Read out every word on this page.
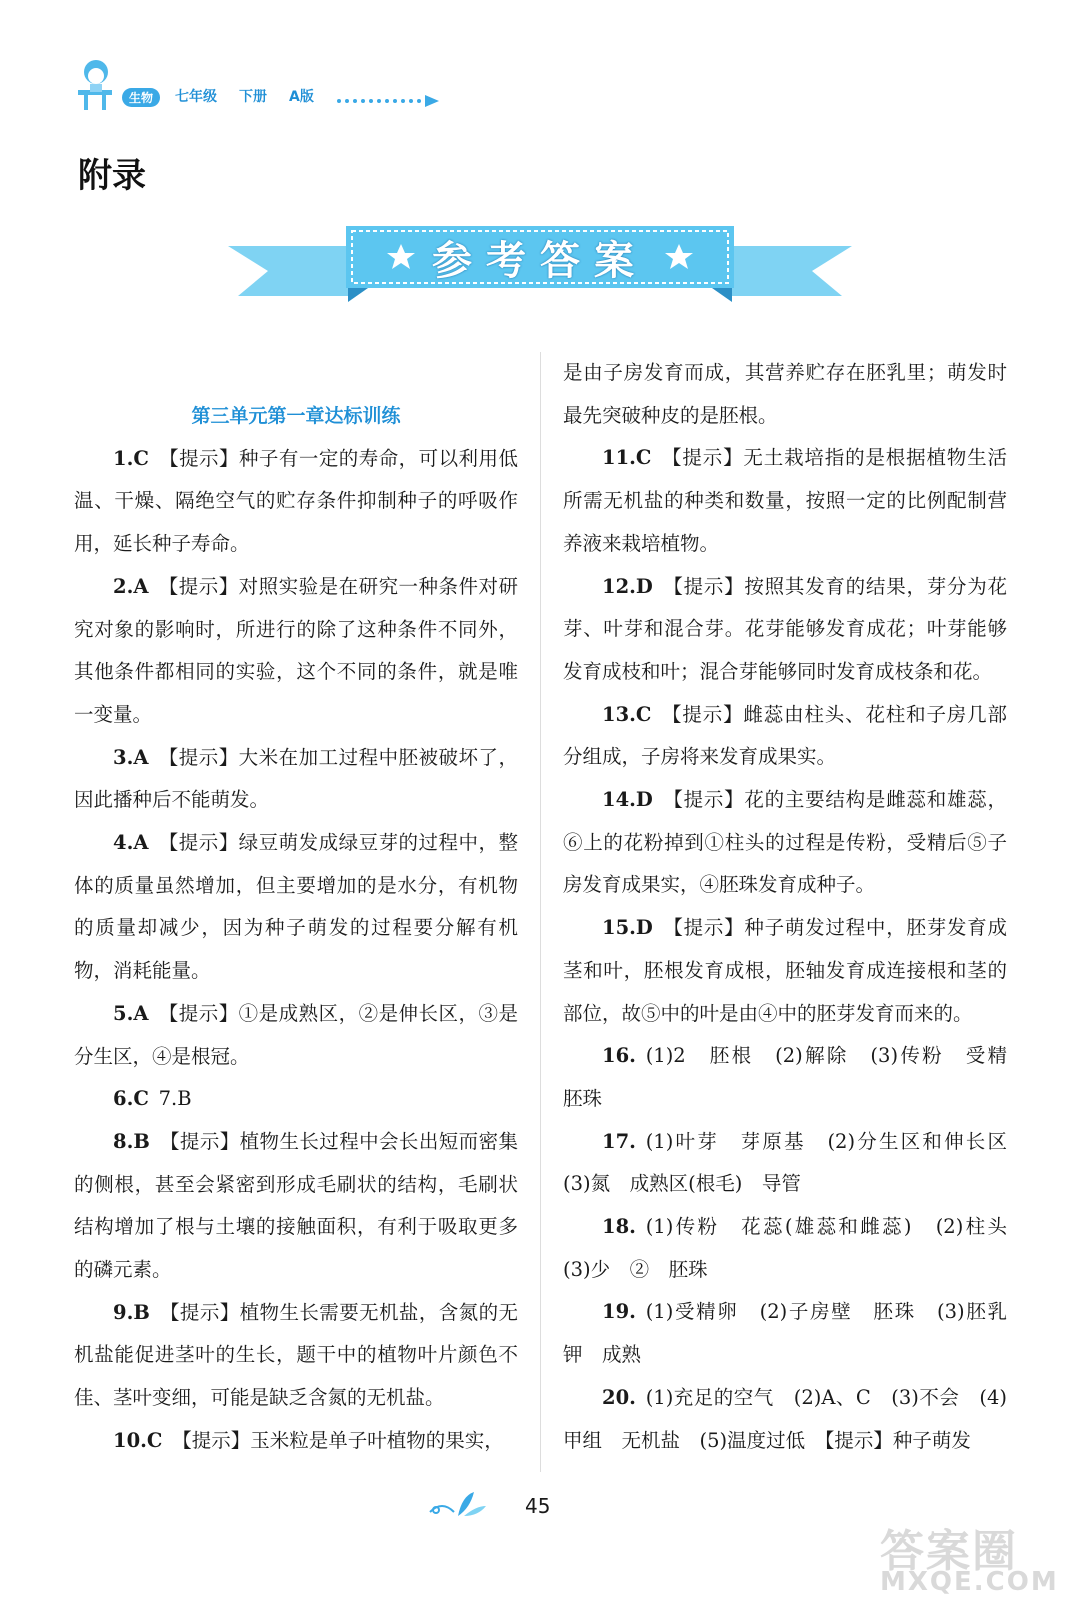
生物	七年级 下册 A版
附录
参考答案

第三单元第一章达标训练

1.C  【提示】种子有一定的寿命，可以利用低温、干燥、隔绝空气的贮存条件抑制种子的呼吸作用，延长种子寿命。

2.A  【提示】对照实验是在研究一种条件对研究对象的影响时，所进行的除了这种条件不同外，其他条件都相同的实验，这个不同的条件，就是唯一变量。

3.A  【提示】大米在加工过程中胚被破坏了，因此播种后不能萌发。

4.A  【提示】绿豆萌发成绿豆芽的过程中，整体的质量虽然增加，但主要增加的是水分，有机物的质量却减少，因为种子萌发的过程要分解有机物，消耗能量。

5.A  【提示】①是成熟区，②是伸长区，③是分生区，④是根冠。

6.C  7.B

8.B  【提示】植物生长过程中会长出短而密集的侧根，甚至会紧密到形成毛刷状的结构，毛刷状结构增加了根与土壤的接触面积，有利于吸取更多的磷元素。

9.B  【提示】植物生长需要无机盐，含氮的无机盐能促进茎叶的生长，题干中的植物叶片颜色不佳、茎叶变细，可能是缺乏含氮的无机盐。

10.C  【提示】玉米粒是单子叶植物的果实，

是由子房发育而成，其营养贮存在胚乳里；萌发时最先突破种皮的是胚根。

11.C  【提示】无土栽培指的是根据植物生活所需无机盐的种类和数量，按照一定的比例配制营养液来栽培植物。

12.D  【提示】按照其发育的结果，芽分为花芽、叶芽和混合芽。花芽能够发育成花；叶芽能够发育成枝和叶；混合芽能够同时发育成枝条和花。

13.C  【提示】雌蕊由柱头、花柱和子房几部分组成，子房将来发育成果实。

14.D  【提示】花的主要结构是雌蕊和雄蕊，⑥上的花粉掉到①柱头的过程是传粉，受精后⑤子房发育成果实，④胚珠发育成种子。

15.D  【提示】种子萌发过程中，胚芽发育成茎和叶，胚根发育成根，胚轴发育成连接根和茎的部位，故⑤中的叶是由④中的胚芽发育而来的。

16.  (1)2　胚根　(2)解除　(3)传粉　受精　胚珠

17.  (1)叶芽　芽原基　(2)分生区和伸长区　(3)氮　成熟区(根毛)　导管

18.  (1)传粉　花蕊(雄蕊和雌蕊)　(2)柱头　(3)少　②　胚珠

19.  (1)受精卵　(2)子房壁　胚珠　(3)胚乳　钾　成熟

20.  (1)充足的空气　(2)A、C　(3)不会　(4)甲组　无机盐　(5)温度过低　【提示】种子萌发

45
答案圈
MXQE.COM
